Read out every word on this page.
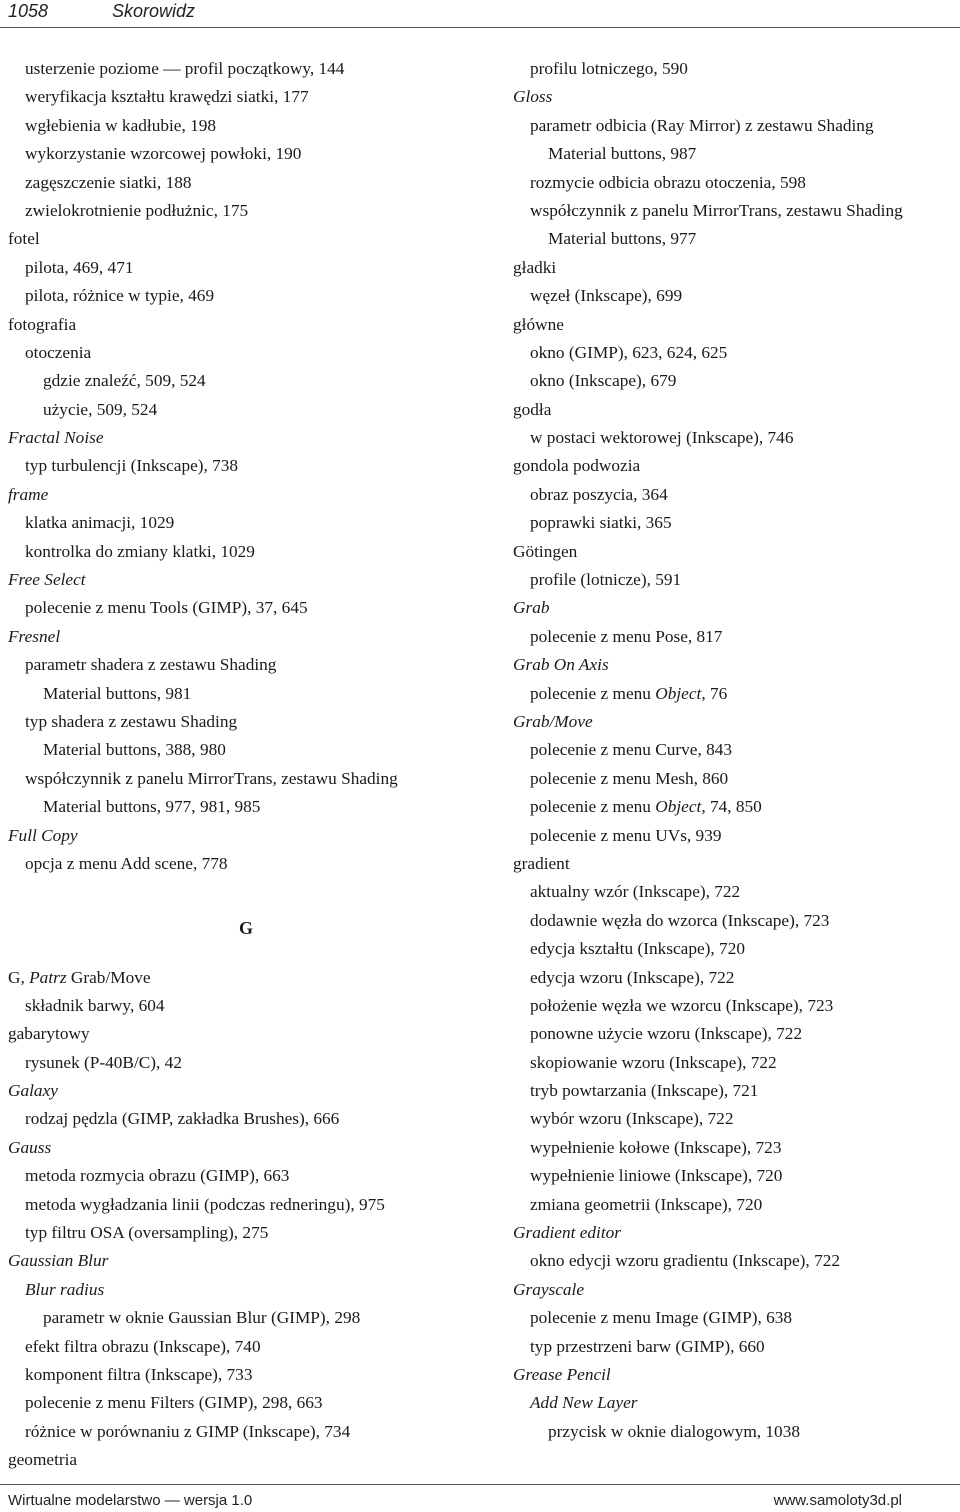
1058	Skorowidz
usterzenie poziome — profil początkowy, 144
weryfikacja kształtu krawędzi siatki, 177
wgłebienia w kadłubie, 198
wykorzystanie wzorcowej powłoki, 190
zagęszczenie siatki, 188
zwielokrotnienie podłużnic, 175
fotel
pilota, 469, 471
pilota, różnice w typie, 469
fotografia
otoczenia
gdzie znaleźć, 509, 524
użycie, 509, 524
Fractal Noise
typ turbulencji (Inkscape), 738
frame
klatka animacji, 1029
kontrolka do zmiany klatki, 1029
Free Select
polecenie z menu Tools (GIMP), 37, 645
Fresnel
parametr shadera z zestawu Shading
Material buttons, 981
typ shadera z zestawu Shading
Material buttons, 388, 980
współczynnik z panelu MirrorTrans, zestawu Shading
Material buttons, 977, 981, 985
Full Copy
opcja z menu Add scene, 778
G
G, Patrz Grab/Move
składnik barwy, 604
gabarytowy
rysunek (P-40B/C), 42
Galaxy
rodzaj pędzla (GIMP, zakładka Brushes), 666
Gauss
metoda rozmycia obrazu (GIMP), 663
metoda wygładzania linii (podczas redneringu), 975
typ filtru OSA (oversampling), 275
Gaussian Blur
Blur radius
parametr w oknie Gaussian Blur (GIMP), 298
efekt filtra obrazu (Inkscape), 740
komponent filtra (Inkscape), 733
polecenie z menu Filters (GIMP), 298, 663
różnice w porównaniu z GIMP (Inkscape), 734
geometria
profilu lotniczego, 590
Gloss
parametr odbicia (Ray Mirror) z zestawu Shading
Material buttons, 987
rozmycie odbicia obrazu otoczenia, 598
współczynnik z panelu MirrorTrans, zestawu Shading
Material buttons, 977
gładki
węzeł (Inkscape), 699
główne
okno (GIMP), 623, 624, 625
okno (Inkscape), 679
godła
w postaci wektorowej (Inkscape), 746
gondola podwozia
obraz poszycia, 364
poprawki siatki, 365
Götingen
profile (lotnicze), 591
Grab
polecenie z menu Pose, 817
Grab On Axis
polecenie z menu Object, 76
Grab/Move
polecenie z menu Curve, 843
polecenie z menu Mesh, 860
polecenie z menu Object, 74, 850
polecenie z menu UVs, 939
gradient
aktualny wzór (Inkscape), 722
dodawnie węzła do wzorca (Inkscape), 723
edycja kształtu (Inkscape), 720
edycja wzoru (Inkscape), 722
położenie węzła we wzorcu (Inkscape), 723
ponowne użycie wzoru (Inkscape), 722
skopiowanie wzoru (Inkscape), 722
tryb powtarzania (Inkscape), 721
wybór wzoru (Inkscape), 722
wypełnienie kołowe (Inkscape), 723
wypełnienie liniowe (Inkscape), 720
zmiana geometrii (Inkscape), 720
Gradient editor
okno edycji wzoru gradientu (Inkscape), 722
Grayscale
polecenie z menu Image (GIMP), 638
typ przestrzeni barw (GIMP), 660
Grease Pencil
Add New Layer
przycisk w oknie dialogowym, 1038
Wirtualne modelarstwo — wersja 1.0	www.samoloty3d.pl
